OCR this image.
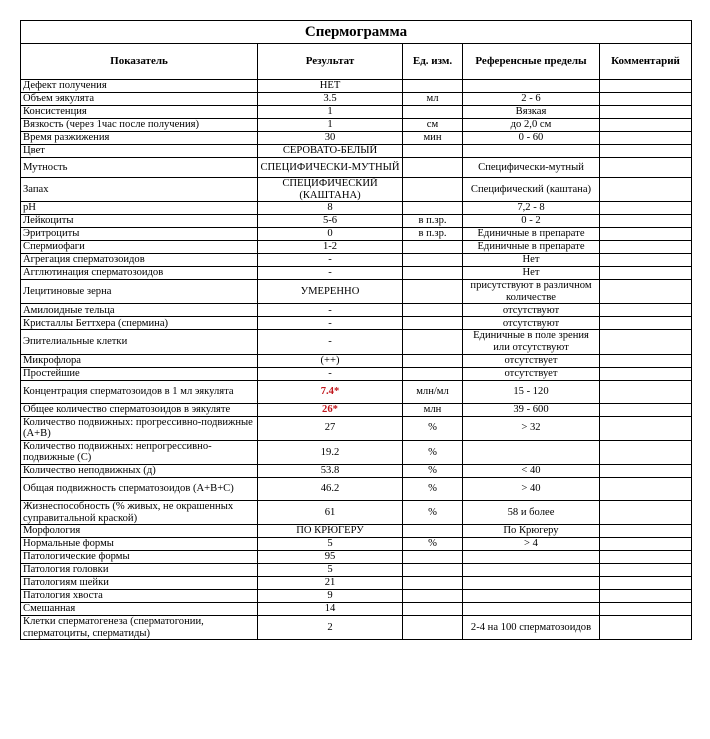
Спермограмма				
Показатель	Результат	Ед. изм.	Референсные пределы	Комментарий
Дефект получения	НЕТ			
Объем эякулята	3.5	мл	2 - 6	
Консистенция	1		Вязкая	
Вязкость (через 1час после получения)	1	см	до 2,0 см	
Время разжижения	30	мин	0 - 60	
Цвет	СЕРОВАТО-БЕЛЫЙ			
Мутность	СПЕЦИФИЧЕСКИ-МУТНЫЙ		Специфически-мутный	
Запах	СПЕЦИФИЧЕСКИЙ (КАШТАНА)		Специфический (каштана)	
pH	8		7,2 - 8	
Лейкоциты	5-6	в п.зр.	0 - 2	
Эритроциты	0	в п.зр.	Единичные в препарате	
Спермиофаги	1-2		Единичные в препарате	
Агрегация сперматозоидов	-		Нет	
Агглютинация сперматозоидов	-		Нет	
Лецитиновые зерна	УМЕРЕННО		присутствуют в различном количестве	
Амилоидные тельца	-		отсутствуют	
Кристаллы Беттхера (спермина)	-		отсутствуют	
Эпителиальные клетки	-		Единичные в поле зрения или отсутствуют	
Микрофлора	(++)		отсутствует	
Простейшие	-		отсутствует	
Концентрация сперматозоидов в 1 мл эякулята	7.4*	млн/мл	15 - 120	
Общее количество сперматозоидов в эякуляте	26*	млн	39 - 600	
Количество подвижных: прогрессивно-подвижные (А+В)	27	%	> 32	
Количество подвижных: непрогрессивно-подвижные (С)	19.2	%		
Количество неподвижных (д)	53.8	%	< 40	
Общая подвижность сперматозоидов (А+В+С)	46.2	%	> 40	
Жизнеспособность (% живых, не окрашенных суправитальной краской)	61	%	58 и более	
Морфология	ПО КРЮГЕРУ		По Крюгеру	
Нормальные формы	5	%	> 4	
Патологические формы	95			
Патология головки	5			
Патологиям шейки	21			
Патология хвоста	9			
Смешанная	14			
Клетки сперматогенеза (сперматогонии, сперматоциты, сперматиды)	2		2-4 на 100 сперматозоидов	
